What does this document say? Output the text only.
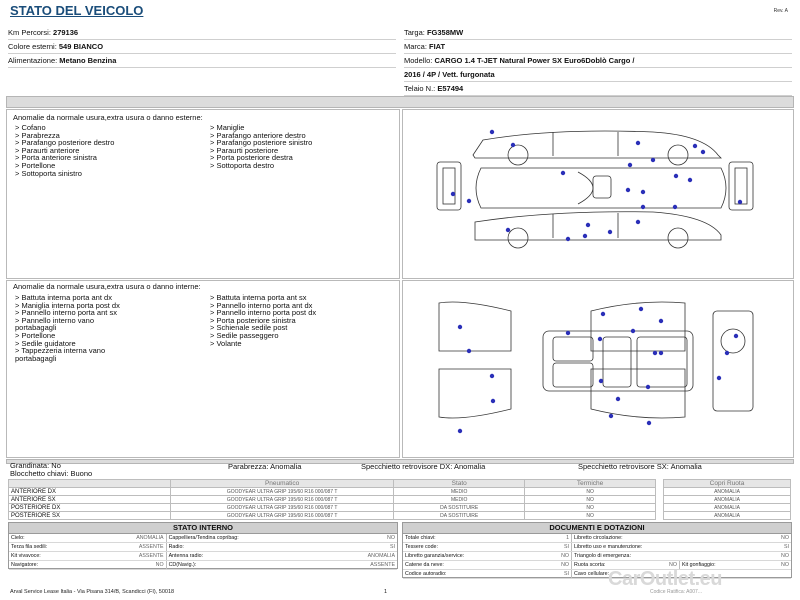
STATO DEL VEICOLO	Rev. A
Km Percorsi: 279136
Colore esterni: 549 BIANCO
Alimentazione: Metano Benzina
Targa: FG358MW
Marca: FIAT
Modello: CARGO 1.4 T-JET Natural Power SX Euro6Doblò Cargo /
2016 / 4P / Vett. furgonata
Telaio N.: E57494
Anomalie da normale usura,extra usura o danno esterne:
> Cofano
> Parabrezza
> Parafango posteriore destro
> Paraurti anteriore
> Porta anteriore sinistra
> Portellone
> Sottoporta sinistro
> Maniglie
> Parafango anteriore destro
> Parafango posteriore sinistro
> Paraurti posteriore
> Porta posteriore destra
> Sottoporta destro
Anomalie da normale usura,extra usura o danno interne:
> Battuta interna porta ant dx
> Maniglia interna porta post dx
> Pannello interno porta ant sx
> Pannello interno vano
portabagagli
> Portellone
> Sedile guidatore
> Tappezzeria interna vano
portabagagli
> Battuta interna porta ant sx
> Pannello interno porta ant dx
> Pannello interno porta post dx
> Porta posteriore sinistra
> Schienale sedile post
> Sedile passeggero
> Volante
Grandinata: No
Blocchetto chiavi: Buono
Parabrezza: Anomalia	Specchietto retrovisore DX: Anomalia	Specchietto retrovisore SX: Anomalia
	Pneumatico	Stato	Termiche
ANTERIORE DX	GOODYEAR ULTRA GRIP 195/60 R16 000/087 T	MEDIO	NO
ANTERIORE SX	GOODYEAR ULTRA GRIP 195/60 R16 000/087 T	MEDIO	NO
POSTERIORE DX	GOODYEAR ULTRA GRIP 195/60 R16 000/087 T	DA SOSTITUIRE	NO
POSTERIORE SX	GOODYEAR ULTRA GRIP 195/60 R16 000/087 T	DA SOSTITUIRE	NO
Copri Ruota
ANOMALIA
ANOMALIA
ANOMALIA
ANOMALIA
STATO INTERNO
Cielo:	ANOMALIA	Cappelliera/Tendina copribag:	NO
Terza fila sedili:	ASSENTE	Radio:	SI
Kit vivavoce:	ASSENTE	Antenna radio:	ANOMALIA
Navigatore:	NO	CD(Navig.):	ASSENTE
DOCUMENTI E DOTAZIONI
Totale chiavi:	1	Libretto circolazione:			NO
Tessere code:	SI	Libretto uso e manutenzione:			SI
Libretto garanzia/service:	NO	Triangolo di emergenza:			NO
Catene da neve:	NO	Ruota scorta:	NO	Kit gonfiaggio:	NO
Codice autoradio:	SI	Cavo cellulare:			
CarOutlet.eu
Arval Service Lease Italia - Via Pisana 314/B, Scandicci (FI), 50018	1	Codice Ratifica: A007...
